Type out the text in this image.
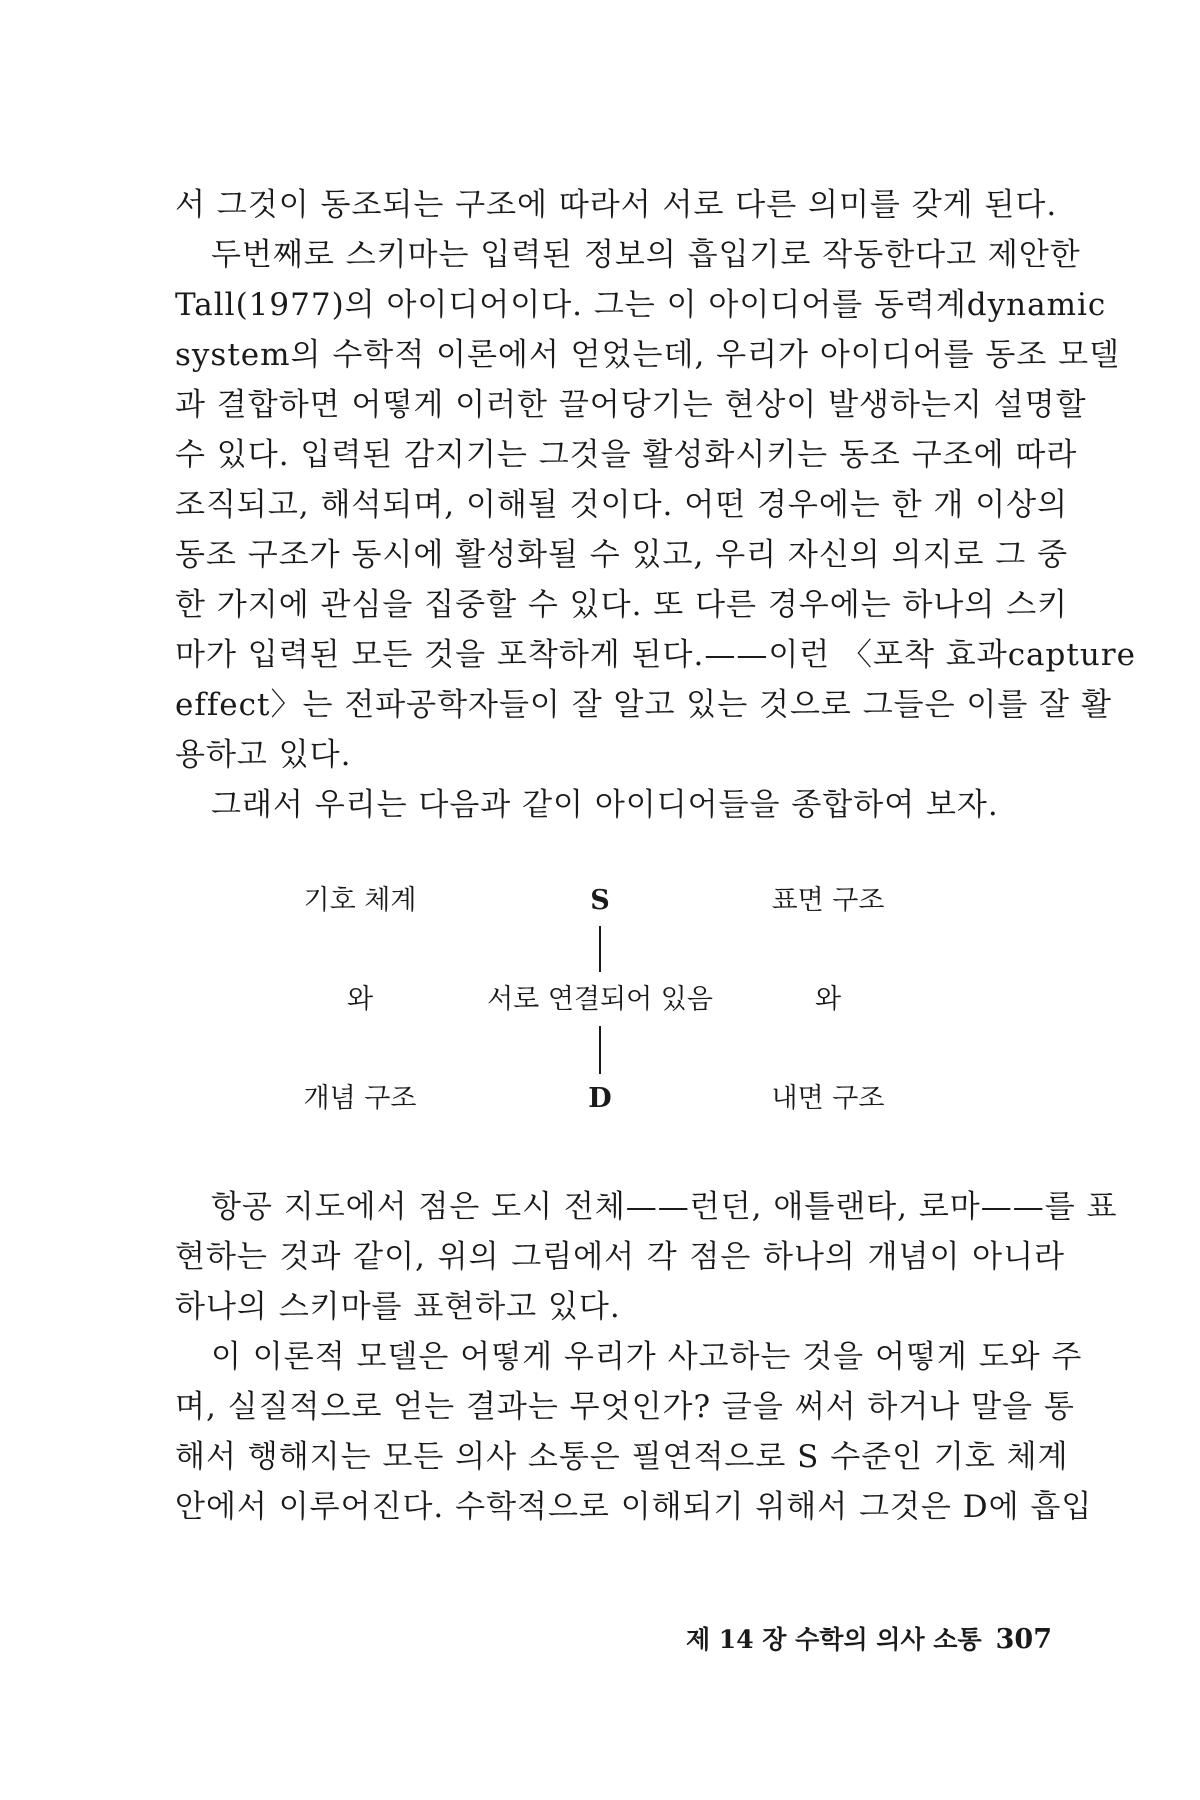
서 그것이 동조되는 구조에 따라서 서로 다른 의미를 갖게 된다.
두번째로 스키마는 입력된 정보의 흡입기로 작동한다고 제안한
Tall(1977)의 아이디어이다. 그는 이 아이디어를 동력계dynamic
system의 수학적 이론에서 얻었는데, 우리가 아이디어를 동조 모델
과 결합하면 어떻게 이러한 끌어당기는 현상이 발생하는지 설명할
수 있다. 입력된 감지기는 그것을 활성화시키는 동조 구조에 따라
조직되고, 해석되며, 이해될 것이다. 어떤 경우에는 한 개 이상의
동조 구조가 동시에 활성화될 수 있고, 우리 자신의 의지로 그 중
한 가지에 관심을 집중할 수 있다. 또 다른 경우에는 하나의 스키
마가 입력된 모든 것을 포착하게 된다.——이런 〈포착 효과capture
effect〉는 전파공학자들이 잘 알고 있는 것으로 그들은 이를 잘 활
용하고 있다.
그래서 우리는 다음과 같이 아이디어들을 종합하여 보자.
항공 지도에서 점은 도시 전체——런던, 애틀랜타, 로마——를 표
현하는 것과 같이, 위의 그림에서 각 점은 하나의 개념이 아니라
하나의 스키마를 표현하고 있다.
이 이론적 모델은 어떻게 우리가 사고하는 것을 어떻게 도와 주
며, 실질적으로 얻는 결과는 무엇인가? 글을 써서 하거나 말을 통
해서 행해지는 모든 의사 소통은 필연적으로 S 수준인 기호 체계
안에서 이루어진다. 수학적으로 이해되기 위해서 그것은 D에 흡입
기호 체계
와
개념 구조
S
서로 연결되어 있음
D
표면 구조
와
내면 구조
제 14 장 수학의 의사 소통 307
